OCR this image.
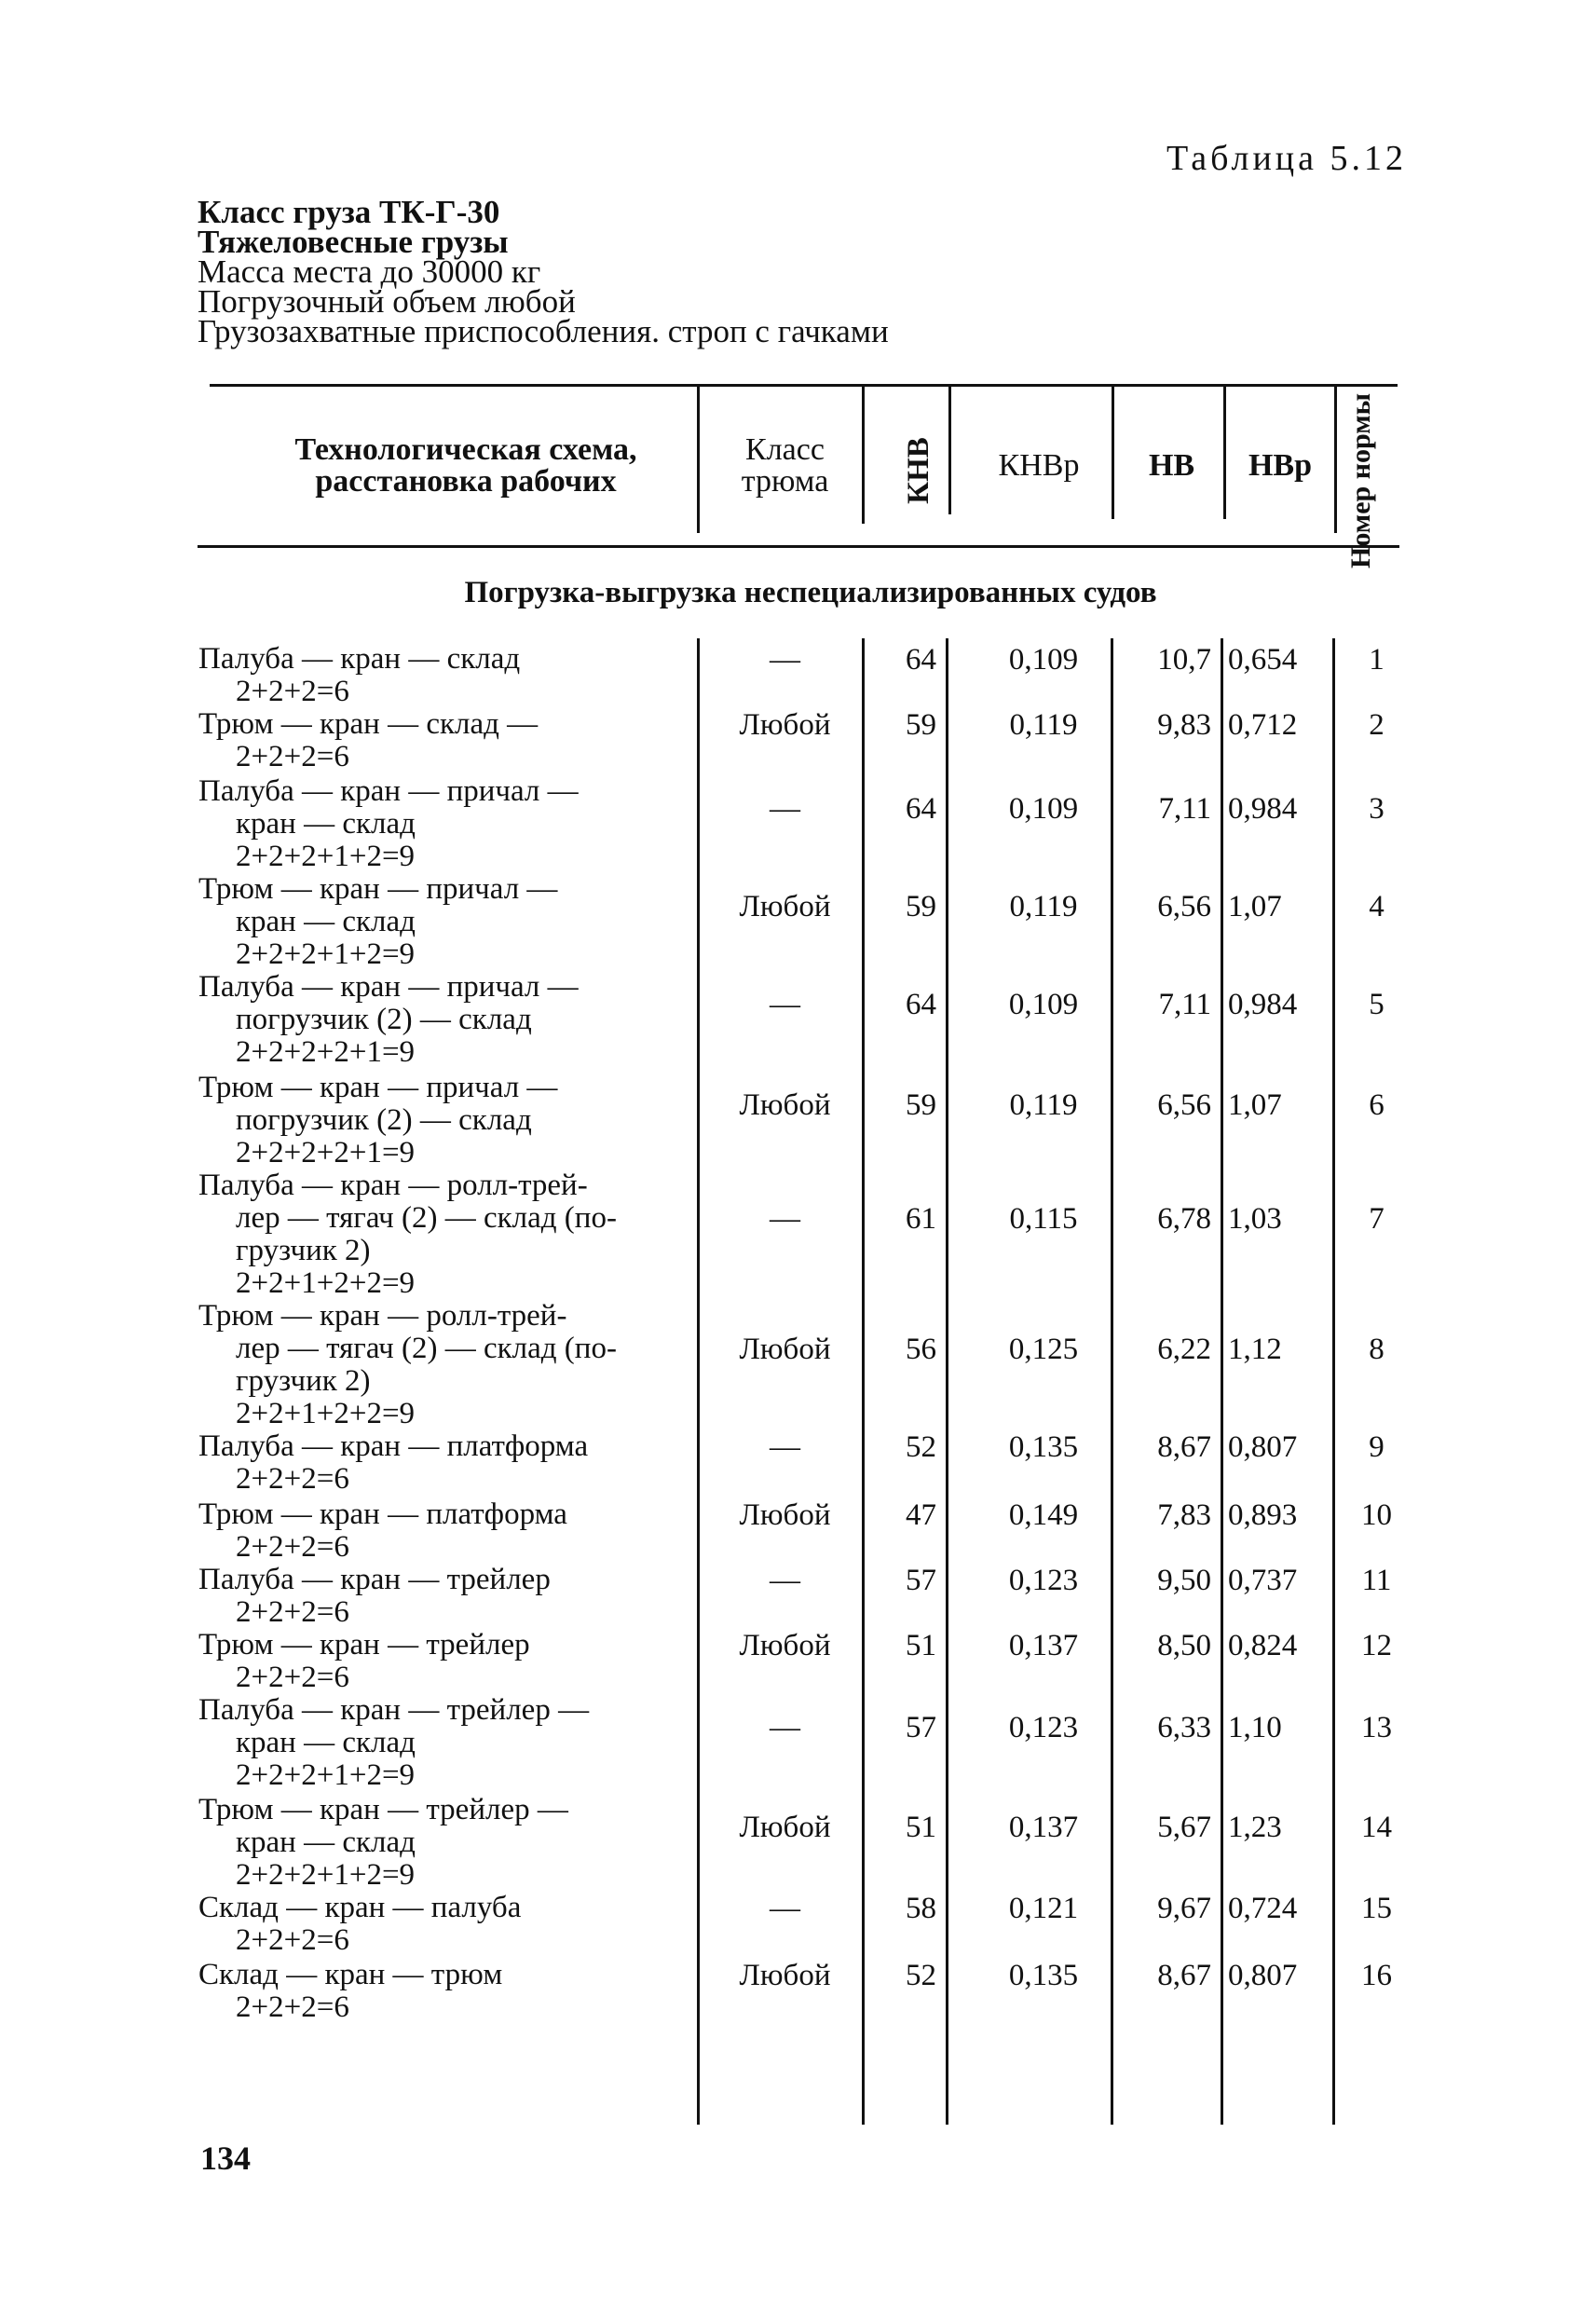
Таблица 5.12
Класс груза ТК-Г-30
Тяжеловесные грузы
Масса места до 30000 кг
Погрузочный объем любой
Грузозахватные приспособления. строп с гачками
Технологическая схема, расстановка рабочих
Класс трюма	КНВ	КНВр	НВ	НВр	Номер нормы
Погрузка-выгрузка неспециализированных судов
Палуба — кран — склад
2+2+2=6
—	64	0,109	10,7 0,654	1
Трюм — кран — склад —
2+2+2=6
Любой	59	0,119	9,83 0,712	2
Палуба — кран — причал —
кран — склад
2+2+2+1+2=9
—	64	0,109	7,11 0,984	3
Трюм — кран — причал —
кран — склад
2+2+2+1+2=9
Любой	59	0,119	6,56 1,07	4
Палуба — кран — причал —
погрузчик (2) — склад
2+2+2+2+1=9
—	64	0,109	7,11 0,984	5
Трюм — кран — причал —
погрузчик (2) — склад
2+2+2+2+1=9
Любой	59	0,119	6,56 1,07	6
Палуба — кран — ролл-трей-
лер — тягач (2) — склад (по-
грузчик 2)
2+2+1+2+2=9
—	61	0,115	6,78 1,03	7
Трюм — кран — ролл-трей-
лер — тягач (2) — склад (по-
грузчик 2)
2+2+1+2+2=9
Любой	56	0,125	6,22 1,12	8
Палуба — кран — платформа
2+2+2=6
—	52	0,135	8,67 0,807	9
Трюм — кран — платформа
2+2+2=6
Любой	47	0,149	7,83 0,893	10
Палуба — кран — трейлер
2+2+2=6
—	57	0,123	9,50 0,737	11
Трюм — кран — трейлер
2+2+2=6
Любой	51	0,137	8,50 0,824	12
Палуба — кран — трейлер —
кран — склад
2+2+2+1+2=9
—	57	0,123	6,33 1,10	13
Трюм — кран — трейлер —
кран — склад
2+2+2+1+2=9
Любой	51	0,137	5,67 1,23	14
Склад — кран — палуба
2+2+2=6
—	58	0,121	9,67 0,724	15
Склад — кран — трюм
2+2+2=6
Любой	52	0,135	8,67 0,807	16
134
